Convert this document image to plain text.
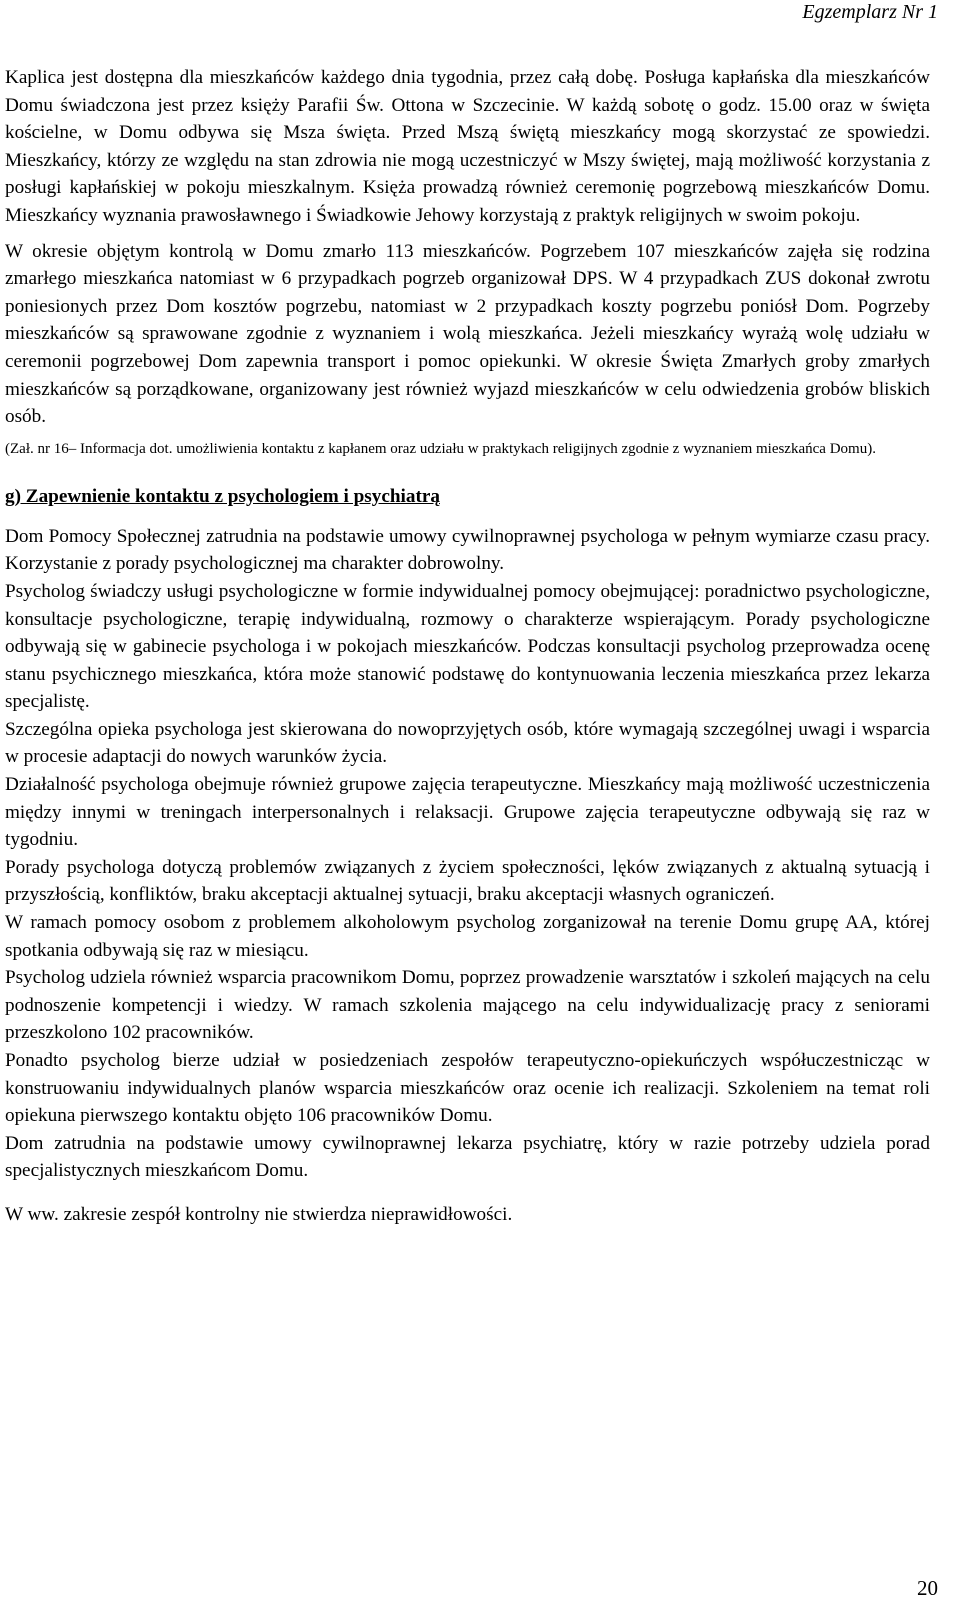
Egzemplarz Nr 1

Kaplica jest dostępna dla mieszkańców każdego dnia tygodnia, przez całą dobę. Posługa kapłańska dla mieszkańców Domu świadczona jest przez księży Parafii Św. Ottona w Szczecinie. W każdą sobotę o godz. 15.00 oraz w święta kościelne, w Domu odbywa się Msza święta. Przed Mszą świętą mieszkańcy mogą skorzystać ze spowiedzi. Mieszkańcy, którzy ze względu na stan zdrowia nie mogą uczestniczyć w Mszy świętej, mają możliwość korzystania z posługi kapłańskiej w pokoju mieszkalnym. Księża prowadzą również ceremonię pogrzebową mieszkańców Domu. Mieszkańcy wyznania prawosławnego i Świadkowie Jehowy korzystają z praktyk religijnych w swoim pokoju.

W okresie objętym kontrolą w Domu zmarło 113 mieszkańców. Pogrzebem 107 mieszkańców zajęła się rodzina zmarłego mieszkańca natomiast w 6 przypadkach pogrzeb organizował DPS. W 4 przypadkach ZUS dokonał zwrotu poniesionych przez Dom kosztów pogrzebu, natomiast w 2 przypadkach koszty pogrzebu poniósł Dom. Pogrzeby mieszkańców są sprawowane zgodnie z wyznaniem i wolą mieszkańca. Jeżeli mieszkańcy wyrażą wolę udziału w ceremonii pogrzebowej Dom zapewnia transport i pomoc opiekunki. W okresie Święta Zmarłych groby zmarłych mieszkańców są porządkowane, organizowany jest również wyjazd mieszkańców w celu odwiedzenia grobów bliskich osób.

(Zał. nr 16– Informacja dot. umożliwienia kontaktu z kapłanem oraz udziału w praktykach religijnych zgodnie z wyznaniem mieszkańca Domu).

g) Zapewnienie kontaktu z psychologiem i psychiatrą

Dom Pomocy Społecznej zatrudnia na podstawie umowy cywilnoprawnej psychologa w pełnym wymiarze czasu pracy. Korzystanie z porady psychologicznej ma charakter dobrowolny.

Psycholog świadczy usługi psychologiczne w formie indywidualnej pomocy obejmującej: poradnictwo psychologiczne, konsultacje psychologiczne, terapię indywidualną, rozmowy o charakterze wspierającym. Porady psychologiczne odbywają się w gabinecie psychologa i w pokojach mieszkańców. Podczas konsultacji psycholog przeprowadza ocenę stanu psychicznego mieszkańca, która może stanowić podstawę do kontynuowania leczenia mieszkańca przez lekarza specjalistę.

Szczególna opieka psychologa jest skierowana do nowoprzyjętych osób, które wymagają szczególnej uwagi i wsparcia w procesie adaptacji do nowych warunków życia.

Działalność psychologa obejmuje również grupowe zajęcia terapeutyczne. Mieszkańcy mają możliwość uczestniczenia między innymi w treningach interpersonalnych i relaksacji. Grupowe zajęcia terapeutyczne odbywają się raz w tygodniu.

Porady psychologa dotyczą problemów związanych z życiem społeczności, lęków związanych z aktualną sytuacją i przyszłością, konfliktów, braku akceptacji aktualnej sytuacji, braku akceptacji własnych ograniczeń.

W ramach pomocy osobom z problemem alkoholowym psycholog zorganizował na terenie Domu grupę AA, której spotkania odbywają się raz w miesiącu.

Psycholog udziela również wsparcia pracownikom Domu, poprzez prowadzenie warsztatów i szkoleń mających na celu podnoszenie kompetencji i wiedzy. W ramach szkolenia mającego na celu indywidualizację pracy z seniorami przeszkolono 102 pracowników.

Ponadto psycholog bierze udział w posiedzeniach zespołów terapeutyczno-opiekuńczych współuczestnicząc w konstruowaniu indywidualnych planów wsparcia mieszkańców oraz ocenie ich realizacji. Szkoleniem na temat roli opiekuna pierwszego kontaktu objęto 106 pracowników Domu.

Dom zatrudnia na podstawie umowy cywilnoprawnej lekarza psychiatrę, który w razie potrzeby udziela porad specjalistycznych mieszkańcom Domu.

W ww. zakresie zespół kontrolny nie stwierdza nieprawidłowości.

20
